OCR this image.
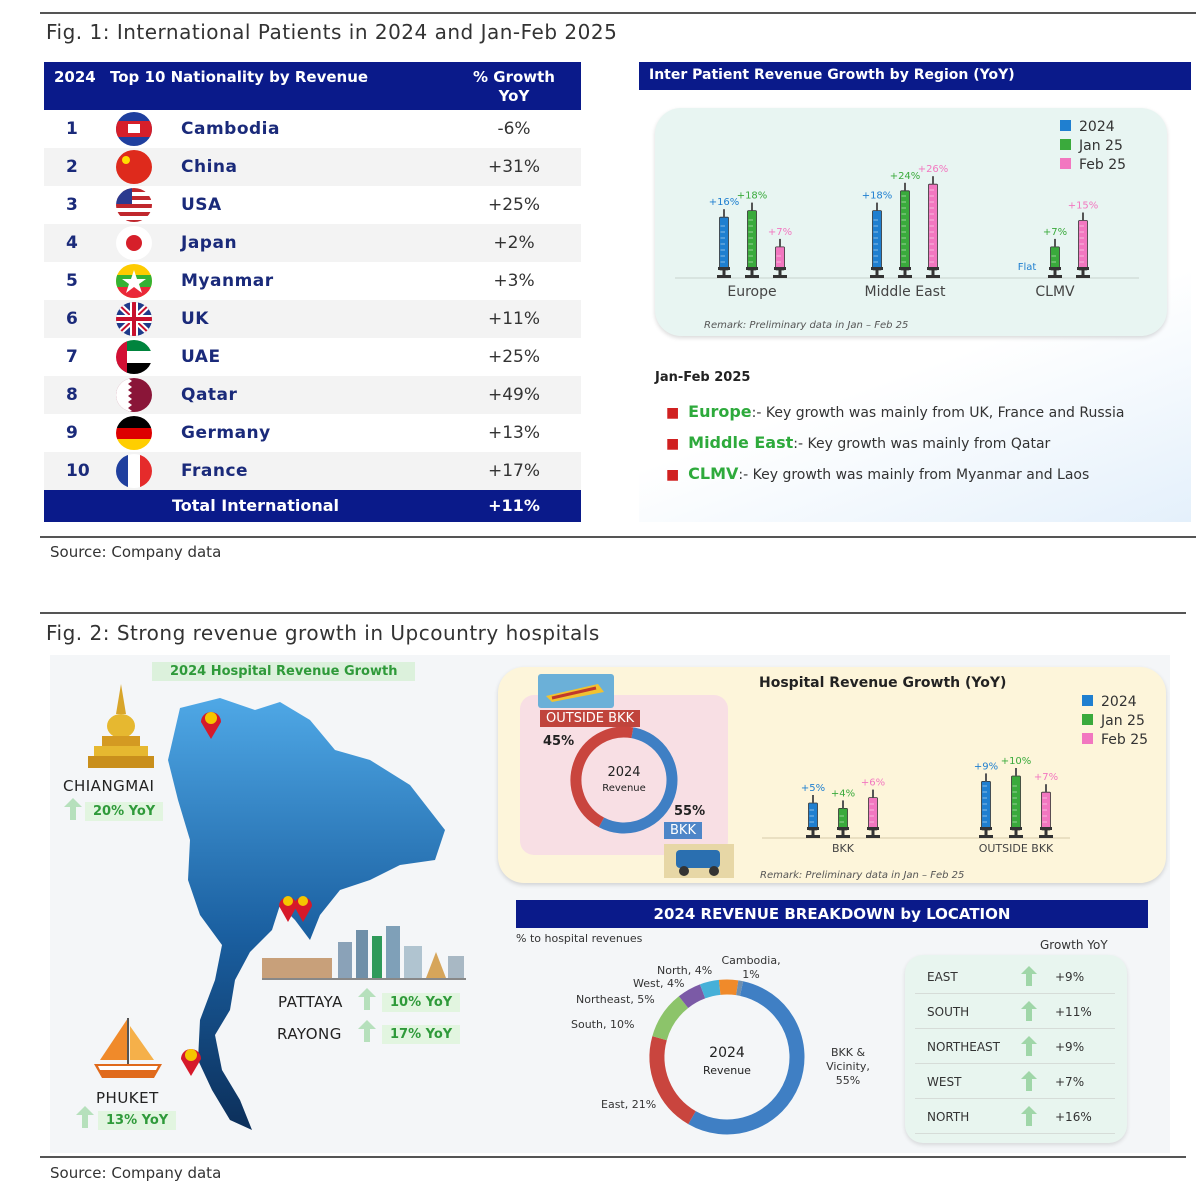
Fig. 1: International Patients in 2024 and Jan-Feb 2025
2024 Top 10 Nationality by Revenue	% Growth
YoY
1	Cambodia	-6%
2	China	+31%
3	USA	+25%
4	Japan	+2%
5	Myanmar	+3%
6	UK	+11%
7	UAE	+25%
8	Qatar	+49%
9	Germany	+13%
10	France	+17%
Total International	+11%
Inter Patient Revenue Growth by Region (YoY)
+16%
+18%
+7%
Europe
+18%
+24%
+26%
Middle East
+7%
+15%
CLMV
Flat
2024
Jan 25
Feb 25
Remark: Preliminary data in Jan – Feb 25
Jan-Feb 2025
■ Europe:- Key growth was mainly from UK, France and Russia
■ Middle East:- Key growth was mainly from Qatar
■ CLMV:- Key growth was mainly from Myanmar and Laos
Source: Company data
Fig. 2: Strong revenue growth in Upcountry hospitals
2024 Hospital Revenue Growth
CHIANGMAI
20% YoY
PATTAYA	10% YoY
RAYONG	17% YoY
PHUKET
13% YoY
OUTSIDE BKK
BKK
2024
Revenue
45%
55%
Hospital Revenue Growth (YoY)
+5% +4%
+6%
BKK
+9% +10%
+7%
OUTSIDE BKK
2024
Jan 25
Feb 25
Remark: Preliminary data in Jan – Feb 25
2024 REVENUE BREAKDOWN by LOCATION
% to hospital revenues
2024
Revenue
BKK & Vicinity, 55%
East, 21%
South, 10%
Northeast, 5%
West, 4%
North, 4%
Cambodia, 1%
Growth YoY
EAST	+9%
SOUTH	+11%
NORTHEAST	+9%
WEST	+7%
NORTH	+16%
Source: Company data
